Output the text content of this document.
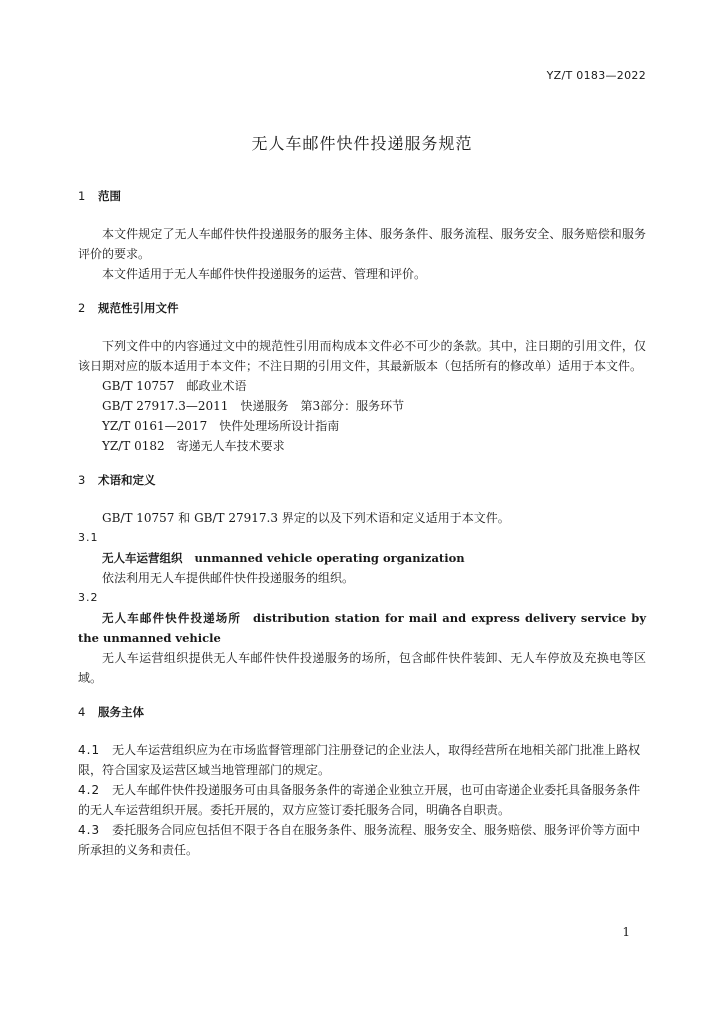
YZ/T 0183—2022
无人车邮件快件投递服务规范
1 范围
本文件规定了无人车邮件快件投递服务的服务主体、服务条件、服务流程、服务安全、服务赔偿和服务评价的要求。
本文件适用于无人车邮件快件投递服务的运营、管理和评价。
2 规范性引用文件
下列文件中的内容通过文中的规范性引用而构成本文件必不可少的条款。其中，注日期的引用文件，仅该日期对应的版本适用于本文件；不注日期的引用文件，其最新版本（包括所有的修改单）适用于本文件。
GB/T 10757 邮政业术语
GB/T 27917.3—2011 快递服务　第3部分：服务环节
YZ/T 0161—2017 快件处理场所设计指南
YZ/T 0182 寄递无人车技术要求
3 术语和定义
GB/T 10757 和 GB/T 27917.3 界定的以及下列术语和定义适用于本文件。
3.1
无人车运营组织 unmanned vehicle operating organization
依法利用无人车提供邮件快件投递服务的组织。
3.2
无人车邮件快件投递场所 distribution station for mail and express delivery service by the unmanned vehicle
无人车运营组织提供无人车邮件快件投递服务的场所，包含邮件快件装卸、无人车停放及充换电等区域。
4 服务主体
4.1 无人车运营组织应为在市场监督管理部门注册登记的企业法人，取得经营所在地相关部门批准上路权限，符合国家及运营区域当地管理部门的规定。
4.2 无人车邮件快件投递服务可由具备服务条件的寄递企业独立开展，也可由寄递企业委托具备服务条件的无人车运营组织开展。委托开展的，双方应签订委托服务合同，明确各自职责。
4.3 委托服务合同应包括但不限于各自在服务条件、服务流程、服务安全、服务赔偿、服务评价等方面中所承担的义务和责任。
1
